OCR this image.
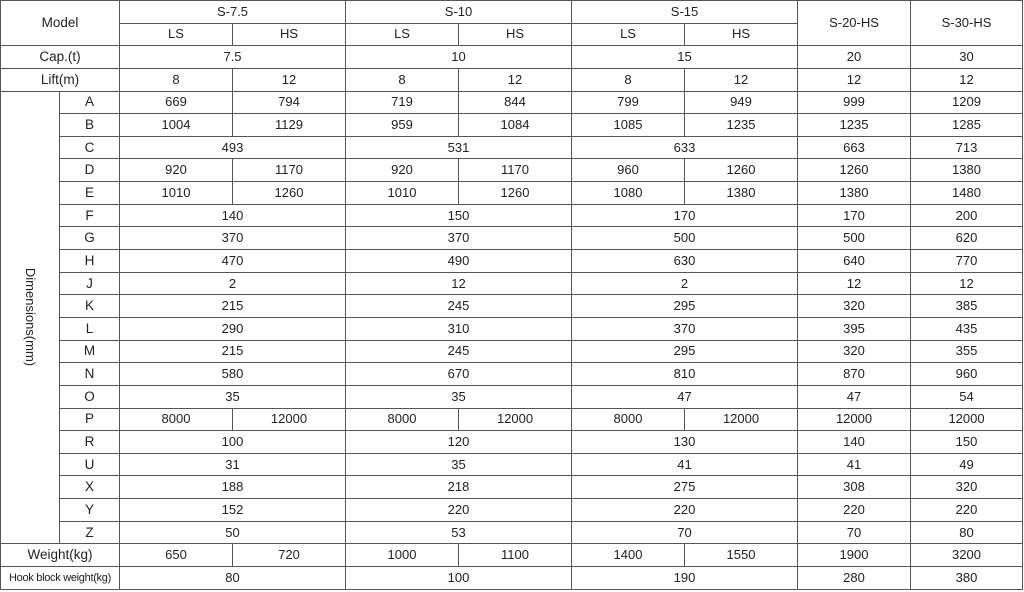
Model		S-7.5		S-10		S-15		S-20-HS	S-30-HS
		LS	HS	LS	HS	LS	HS		
Cap.(t)		7.5		10		15		20	30
Lift(m)		8	12	8	12	8	12	12	12

Dimensions(mm)	A	669	794	719	844	799	949	999	1209
	B	1004	1129	959	1084	1085	1235	1235	1285
	C	493		531		633		663	713
	D	920	1170	920	1170	960	1260	1260	1380
	E	1010	1260	1010	1260	1080	1380	1380	1480
	F	140		150		170		170	200
	G	370		370		500		500	620
	H	470		490		630		640	770
	J	2		12		2		12	12
	K	215		245		295		320	385
	L	290		310		370		395	435
	M	215		245		295		320	355
	N	580		670		810		870	960
	O	35		35		47		47	54
	P	8000	12000	8000	12000	8000	12000	12000	12000
	R	100		120		130		140	150
	U	31		35		41		41	49
	X	188		218		275		308	320
	Y	152		220		220		220	220
	Z	50		53		70		70	80
Weight(kg)		650	720	1000	1100	1400	1550	1900	3200
Hook block weight(kg)		80		100		190		280	380
